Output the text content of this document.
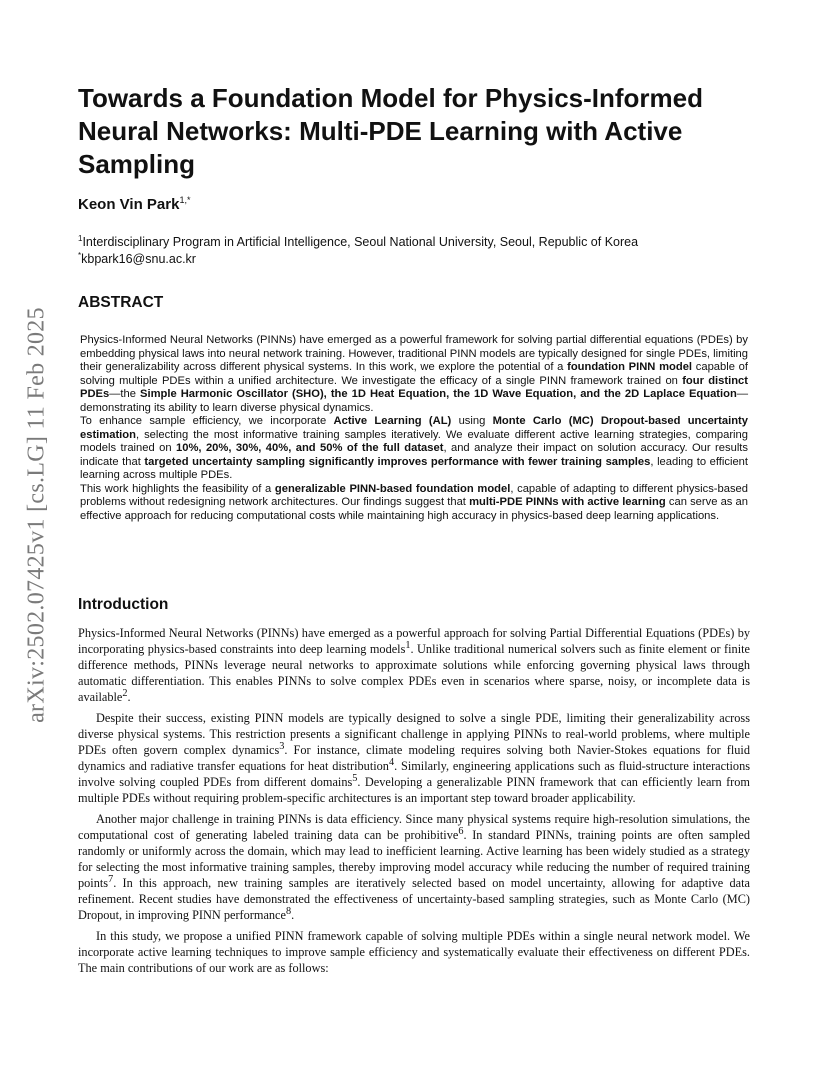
arXiv:2502.07425v1 [cs.LG] 11 Feb 2025
Towards a Foundation Model for Physics-Informed Neural Networks: Multi-PDE Learning with Active Sampling
Keon Vin Park$^{1,*}$
$^1$Interdisciplinary Program in Artificial Intelligence, Seoul National University, Seoul, Republic of Korea
*kbpark16@snu.ac.kr
ABSTRACT

Physics-Informed Neural Networks (PINNs) have emerged as a powerful framework for solving partial differential equations (PDEs) by embedding physical laws into neural network training. However, traditional PINN models are typically designed for single PDEs, limiting their generalizability across different physical systems. In this work, we explore the potential of a foundation PINN model capable of solving multiple PDEs within a unified architecture. We investigate the efficacy of a single PINN framework trained on four distinct PDEs—the Simple Harmonic Oscillator (SHO), the 1D Heat Equation, the 1D Wave Equation, and the 2D Laplace Equation—demonstrating its ability to learn diverse physical dynamics.

To enhance sample efficiency, we incorporate Active Learning (AL) using Monte Carlo (MC) Dropout-based uncertainty estimation, selecting the most informative training samples iteratively. We evaluate different active learning strategies, comparing models trained on 10%, 20%, 30%, 40%, and 50% of the full dataset, and analyze their impact on solution accuracy. Our results indicate that targeted uncertainty sampling significantly improves performance with fewer training samples, leading to efficient learning across multiple PDEs.

This work highlights the feasibility of a generalizable PINN-based foundation model, capable of adapting to different physics-based problems without redesigning network architectures. Our findings suggest that multi-PDE PINNs with active learning can serve as an effective approach for reducing computational costs while maintaining high accuracy in physics-based deep learning applications.

Introduction

Physics-Informed Neural Networks (PINNs) have emerged as a powerful approach for solving Partial Differential Equations (PDEs) by incorporating physics-based constraints into deep learning models$^1$. Unlike traditional numerical solvers such as finite element or finite difference methods, PINNs leverage neural networks to approximate solutions while enforcing governing physical laws through automatic differentiation. This enables PINNs to solve complex PDEs even in scenarios where sparse, noisy, or incomplete data is available$^2$.

Despite their success, existing PINN models are typically designed to solve a single PDE, limiting their generalizability across diverse physical systems. This restriction presents a significant challenge in applying PINNs to real-world problems, where multiple PDEs often govern complex dynamics$^3$. For instance, climate modeling requires solving both Navier-Stokes equations for fluid dynamics and radiative transfer equations for heat distribution$^4$. Similarly, engineering applications such as fluid-structure interactions involve solving coupled PDEs from different domains$^5$. Developing a generalizable PINN framework that can efficiently learn from multiple PDEs without requiring problem-specific architectures is an important step toward broader applicability.

Another major challenge in training PINNs is data efficiency. Since many physical systems require high-resolution simulations, the computational cost of generating labeled training data can be prohibitive$^6$. In standard PINNs, training points are often sampled randomly or uniformly across the domain, which may lead to inefficient learning. Active learning has been widely studied as a strategy for selecting the most informative training samples, thereby improving model accuracy while reducing the number of required training points$^7$. In this approach, new training samples are iteratively selected based on model uncertainty, allowing for adaptive data refinement. Recent studies have demonstrated the effectiveness of uncertainty-based sampling strategies, such as Monte Carlo (MC) Dropout, in improving PINN performance$^8$.

In this study, we propose a unified PINN framework capable of solving multiple PDEs within a single neural network model. We incorporate active learning techniques to improve sample efficiency and systematically evaluate their effectiveness on different PDEs. The main contributions of our work are as follows:
